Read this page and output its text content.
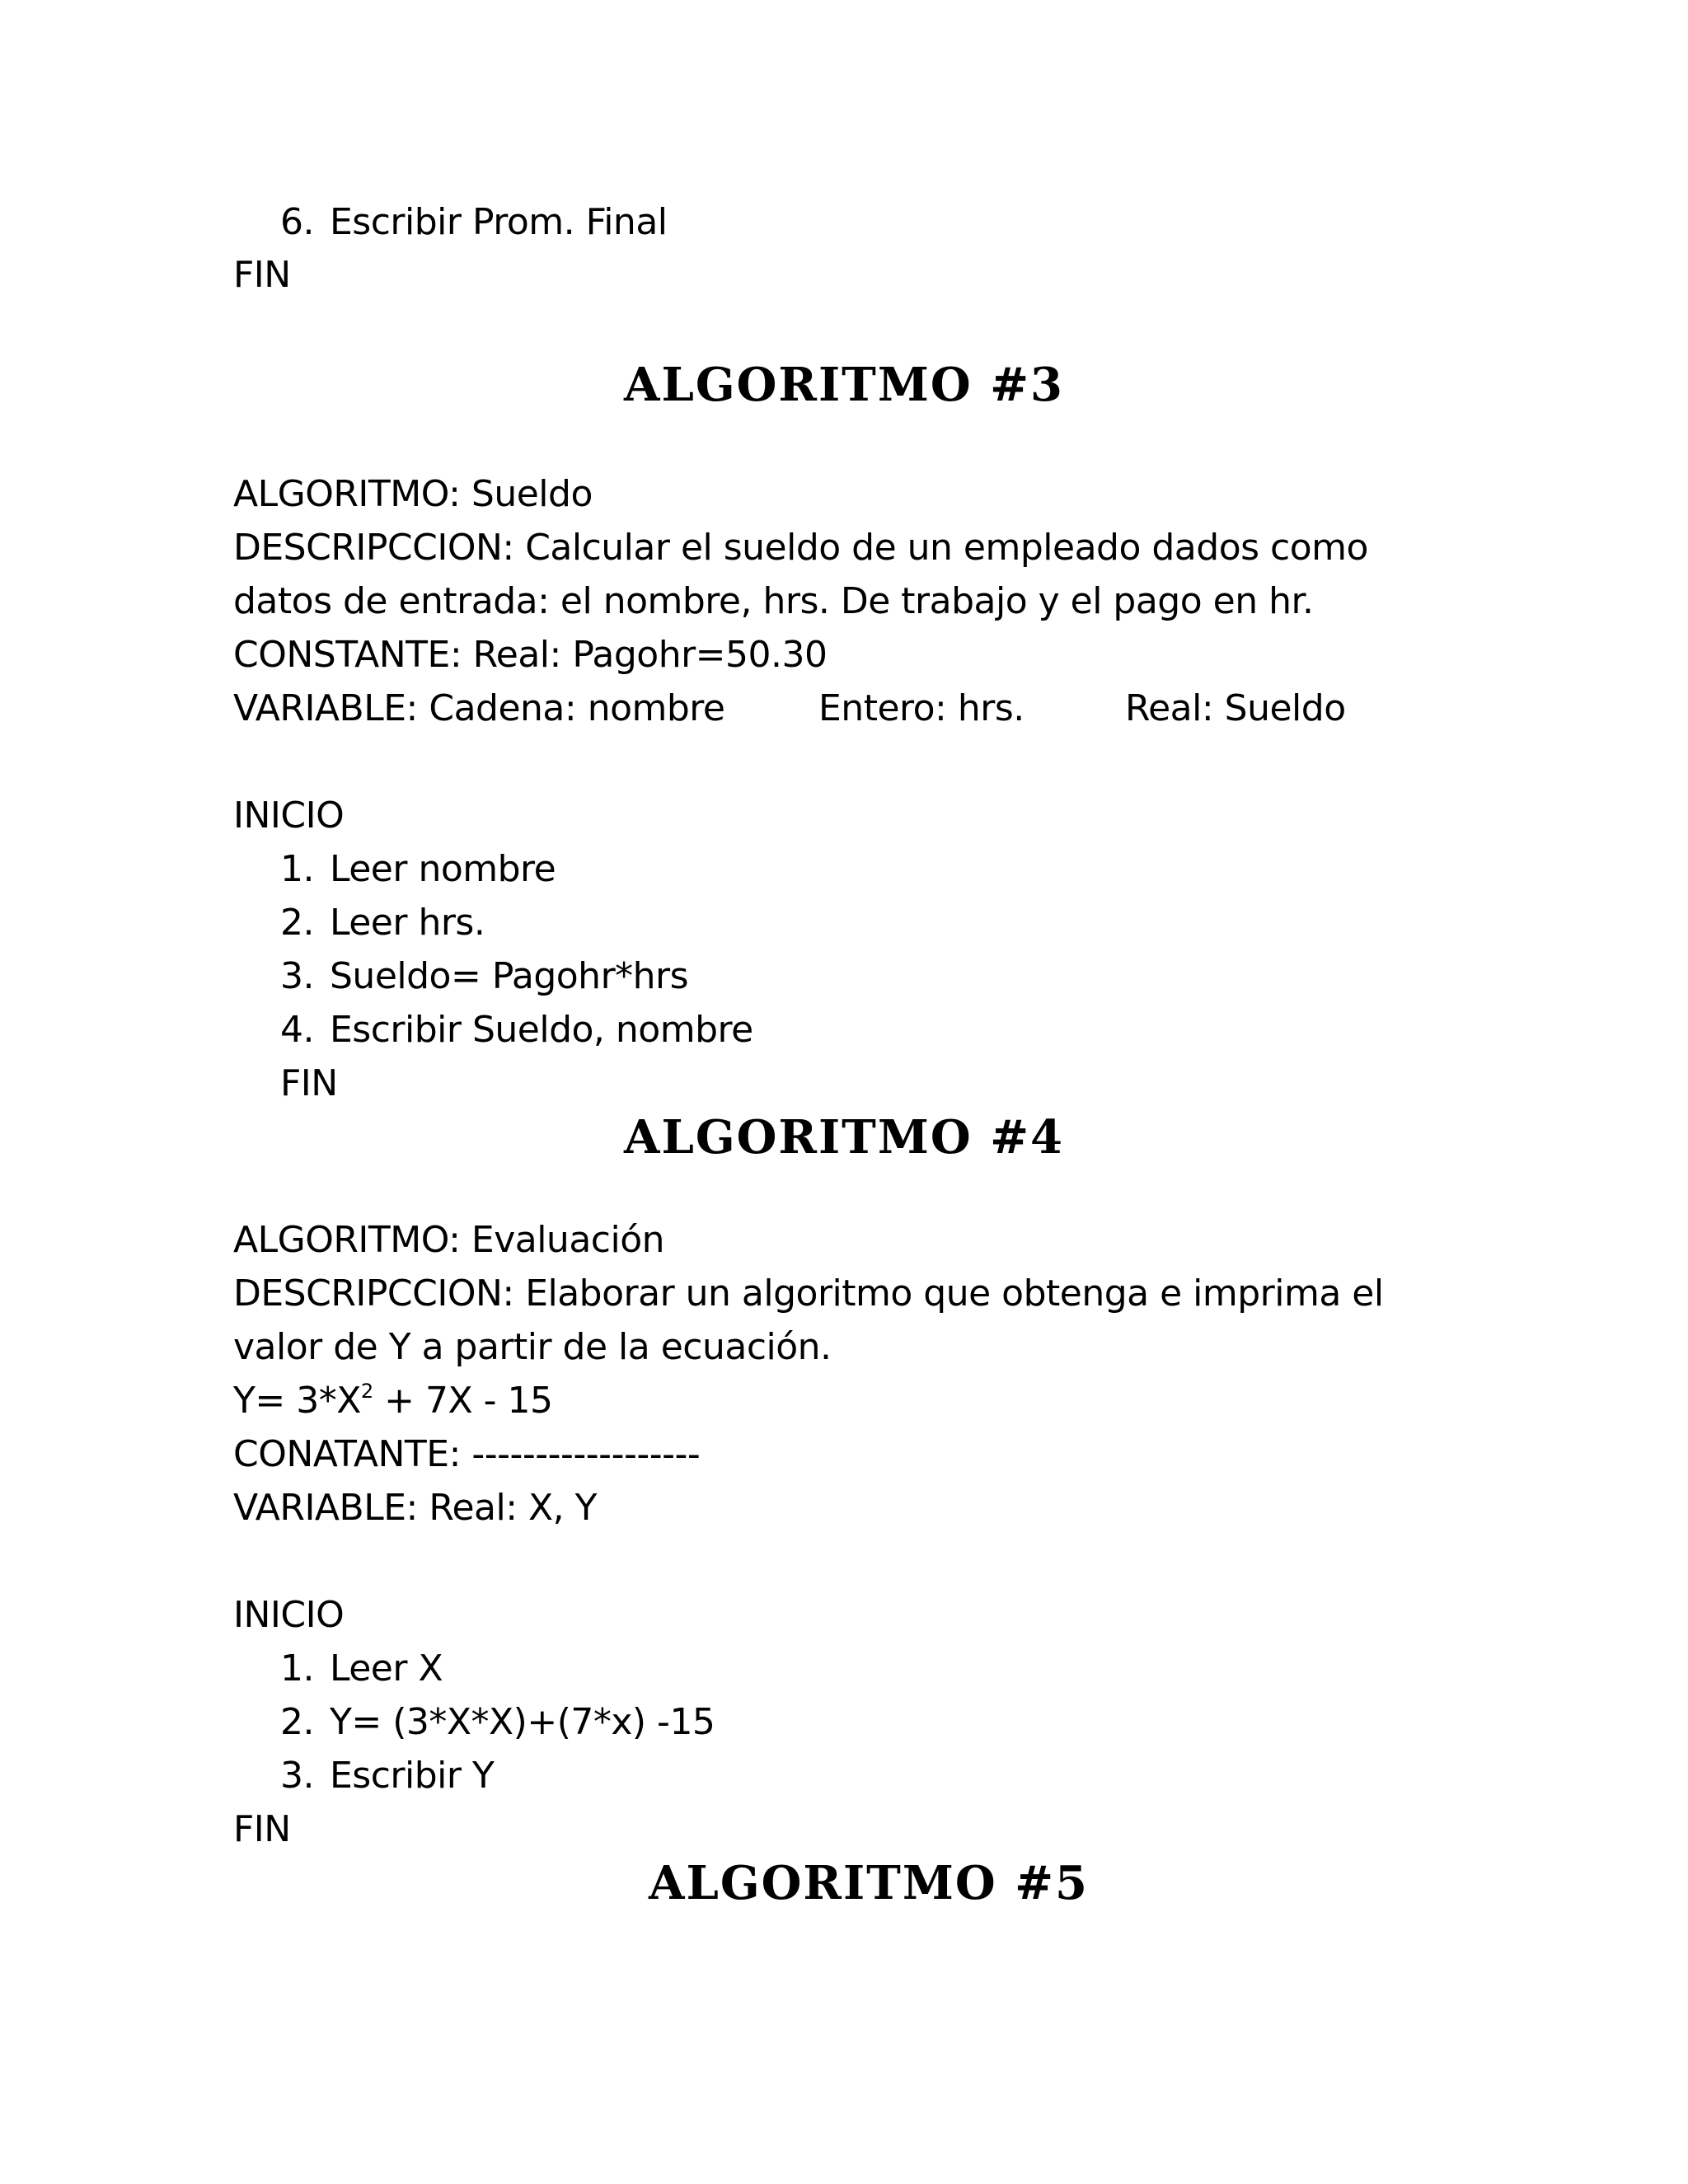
6. Escribir Prom. Final
FIN
ALGORITMO #3
ALGORITMO: Sueldo
DESCRIPCCION: Calcular el sueldo de un empleado dados como
datos de entrada: el nombre, hrs. De trabajo y el pago en hr.
CONSTANTE: Real: Pagohr=50.30

VARIABLE: Cadena: nombre

	Entero: hrs.

	Real: Sueldo

INICIO
1. Leer nombre
2. Leer hrs.
3. Sueldo= Pagohr*hrs
4. Escribir Sueldo, nombre
FIN
ALGORITMO #4
ALGORITMO: Evaluación
DESCRIPCCION: Elaborar un algoritmo que obtenga e imprima el
valor de Y a partir de la ecuación.
$Y= 3*X^2 + 7X - 15$
CONATANTE: ------------------
VARIABLE: Real: X, Y
INICIO
1. Leer X
2. Y= (3*X*X)+(7*x) -15
3. Escribir Y
FIN
ALGORITMO #5
